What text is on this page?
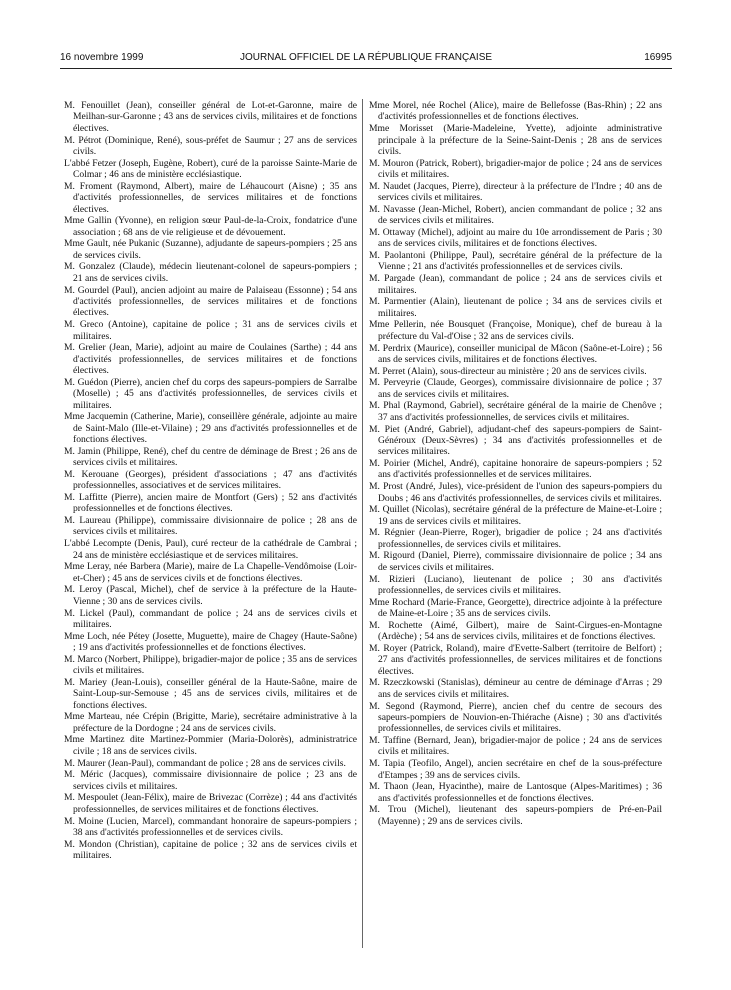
16 novembre 1999	JOURNAL OFFICIEL DE LA RÉPUBLIQUE FRANÇAISE	16995

M. Fenouillet (Jean), conseiller général de Lot-et-Garonne, maire de Meilhan-sur-Garonne ; 43 ans de services civils, militaires et de fonctions électives.

M. Pétrot (Dominique, René), sous-préfet de Saumur ; 27 ans de services civils.

L'abbé Fetzer (Joseph, Eugène, Robert), curé de la paroisse Sainte-Marie de Colmar ; 46 ans de ministère ecclésiastique.

M. Froment (Raymond, Albert), maire de Léhaucourt (Aisne) ; 35 ans d'activités professionnelles, de services militaires et de fonctions électives.

Mme Gallin (Yvonne), en religion sœur Paul-de-la-Croix, fondatrice d'une association ; 68 ans de vie religieuse et de dévouement.

Mme Gault, née Pukanic (Suzanne), adjudante de sapeurs-pompiers ; 25 ans de services civils.

M. Gonzalez (Claude), médecin lieutenant-colonel de sapeurs-pompiers ; 21 ans de services civils.

M. Gourdel (Paul), ancien adjoint au maire de Palaiseau (Essonne) ; 54 ans d'activités professionnelles, de services militaires et de fonctions électives.

M. Greco (Antoine), capitaine de police ; 31 ans de services civils et militaires.

M. Grelier (Jean, Marie), adjoint au maire de Coulaines (Sarthe) ; 44 ans d'activités professionnelles, de services militaires et de fonctions électives.

M. Guédon (Pierre), ancien chef du corps des sapeurs-pompiers de Sarralbe (Moselle) ; 45 ans d'activités professionnelles, de services civils et militaires.

Mme Jacquemin (Catherine, Marie), conseillère générale, adjointe au maire de Saint-Malo (Ille-et-Vilaine) ; 29 ans d'activités professionnelles et de fonctions électives.

M. Jamin (Philippe, René), chef du centre de déminage de Brest ; 26 ans de services civils et militaires.

M. Kerouane (Georges), président d'associations ; 47 ans d'activités professionnelles, associatives et de services militaires.

M. Laffitte (Pierre), ancien maire de Montfort (Gers) ; 52 ans d'activités professionnelles et de fonctions électives.

M. Laureau (Philippe), commissaire divisionnaire de police ; 28 ans de services civils et militaires.

L'abbé Lecompte (Denis, Paul), curé recteur de la cathédrale de Cambrai ; 24 ans de ministère ecclésiastique et de services militaires.

Mme Leray, née Barbera (Marie), maire de La Chapelle-Vendômoise (Loir-et-Cher) ; 45 ans de services civils et de fonctions électives.

M. Leroy (Pascal, Michel), chef de service à la préfecture de la Haute-Vienne ; 30 ans de services civils.

M. Lickel (Paul), commandant de police ; 24 ans de services civils et militaires.

Mme Loch, née Pétey (Josette, Muguette), maire de Chagey (Haute-Saône) ; 19 ans d'activités professionnelles et de fonctions électives.

M. Marco (Norbert, Philippe), brigadier-major de police ; 35 ans de services civils et militaires.

M. Mariey (Jean-Louis), conseiller général de la Haute-Saône, maire de Saint-Loup-sur-Semouse ; 45 ans de services civils, militaires et de fonctions électives.

Mme Marteau, née Crépin (Brigitte, Marie), secrétaire administrative à la préfecture de la Dordogne ; 24 ans de services civils.

Mme Martinez dite Martinez-Pommier (Maria-Dolorès), administratrice civile ; 18 ans de services civils.

M. Maurer (Jean-Paul), commandant de police ; 28 ans de services civils.

M. Méric (Jacques), commissaire divisionnaire de police ; 23 ans de services civils et militaires.

M. Mespoulet (Jean-Félix), maire de Brivezac (Corrèze) ; 44 ans d'activités professionnelles, de services militaires et de fonctions électives.

M. Moine (Lucien, Marcel), commandant honoraire de sapeurs-pompiers ; 38 ans d'activités professionnelles et de services civils.

M. Mondon (Christian), capitaine de police ; 32 ans de services civils et militaires.

Mme Morel, née Rochel (Alice), maire de Bellefosse (Bas-Rhin) ; 22 ans d'activités professionnelles et de fonctions électives.

Mme Morisset (Marie-Madeleine, Yvette), adjointe administrative principale à la préfecture de la Seine-Saint-Denis ; 28 ans de services civils.

M. Mouron (Patrick, Robert), brigadier-major de police ; 24 ans de services civils et militaires.

M. Naudet (Jacques, Pierre), directeur à la préfecture de l'Indre ; 40 ans de services civils et militaires.

M. Navasse (Jean-Michel, Robert), ancien commandant de police ; 32 ans de services civils et militaires.

M. Ottaway (Michel), adjoint au maire du 10e arrondissement de Paris ; 30 ans de services civils, militaires et de fonctions électives.

M. Paolantoni (Philippe, Paul), secrétaire général de la préfecture de la Vienne ; 21 ans d'activités professionnelles et de services civils.

M. Pargade (Jean), commandant de police ; 24 ans de services civils et militaires.

M. Parmentier (Alain), lieutenant de police ; 34 ans de services civils et militaires.

Mme Pellerin, née Bousquet (Françoise, Monique), chef de bureau à la préfecture du Val-d'Oise ; 32 ans de services civils.

M. Perdrix (Maurice), conseiller municipal de Mâcon (Saône-et-Loire) ; 56 ans de services civils, militaires et de fonctions électives.

M. Perret (Alain), sous-directeur au ministère ; 20 ans de services civils.

M. Perveyrie (Claude, Georges), commissaire divisionnaire de police ; 37 ans de services civils et militaires.

M. Phal (Raymond, Gabriel), secrétaire général de la mairie de Chenôve ; 37 ans d'activités professionnelles, de services civils et militaires.

M. Piet (André, Gabriel), adjudant-chef des sapeurs-pompiers de Saint-Généroux (Deux-Sèvres) ; 34 ans d'activités professionnelles et de services militaires.

M. Poirier (Michel, André), capitaine honoraire de sapeurs-pompiers ; 52 ans d'activités professionnelles et de services militaires.

M. Prost (André, Jules), vice-président de l'union des sapeurs-pompiers du Doubs ; 46 ans d'activités professionnelles, de services civils et militaires.

M. Quillet (Nicolas), secrétaire général de la préfecture de Maine-et-Loire ; 19 ans de services civils et militaires.

M. Régnier (Jean-Pierre, Roger), brigadier de police ; 24 ans d'activités professionnelles, de services civils et militaires.

M. Rigourd (Daniel, Pierre), commissaire divisionnaire de police ; 34 ans de services civils et militaires.

M. Rizieri (Luciano), lieutenant de police ; 30 ans d'activités professionnelles, de services civils et militaires.

Mme Rochard (Marie-France, Georgette), directrice adjointe à la préfecture de Maine-et-Loire ; 35 ans de services civils.

M. Rochette (Aimé, Gilbert), maire de Saint-Cirgues-en-Montagne (Ardèche) ; 54 ans de services civils, militaires et de fonctions électives.

M. Royer (Patrick, Roland), maire d'Evette-Salbert (territoire de Belfort) ; 27 ans d'activités professionnelles, de services militaires et de fonctions électives.

M. Rzeczkowski (Stanislas), démineur au centre de déminage d'Arras ; 29 ans de services civils et militaires.

M. Segond (Raymond, Pierre), ancien chef du centre de secours des sapeurs-pompiers de Nouvion-en-Thiérache (Aisne) ; 30 ans d'activités professionnelles, de services civils et militaires.

M. Taffine (Bernard, Jean), brigadier-major de police ; 24 ans de services civils et militaires.

M. Tapia (Teofilo, Angel), ancien secrétaire en chef de la sous-préfecture d'Etampes ; 39 ans de services civils.

M. Thaon (Jean, Hyacinthe), maire de Lantosque (Alpes-Maritimes) ; 36 ans d'activités professionnelles et de fonctions électives.

M. Trou (Michel), lieutenant des sapeurs-pompiers de Pré-en-Pail (Mayenne) ; 29 ans de services civils.
